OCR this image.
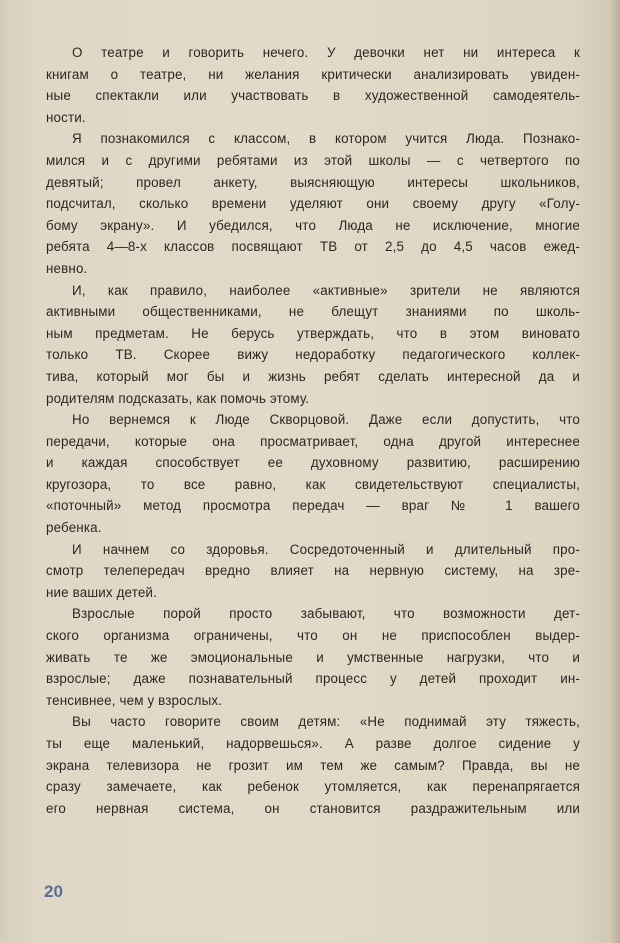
О театре и говорить нечего. У девочки нет ни интереса к
книгам о театре, ни желания критически анализировать увиден-
ные спектакли или участвовать в художественной самодеятель-
ности.

Я познакомился с классом, в котором учится Люда. Познако-
мился и с другими ребятами из этой школы — с четвертого по
девятый; провел анкету, выясняющую интересы школьников,
подсчитал, сколько времени уделяют они своему другу «Голу-
бому экрану». И убедился, что Люда не исключение, многие
ребята 4—8-х классов посвящают ТВ от 2,5 до 4,5 часов ежед-
невно.

И, как правило, наиболее «активные» зрители не являются
активными общественниками, не блещут знаниями по школь-
ным предметам. Не берусь утверждать, что в этом виновато
только ТВ. Скорее вижу недоработку педагогического коллек-
тива, который мог бы и жизнь ребят сделать интересной да и
родителям подсказать, как помочь этому.

Но вернемся к Люде Скворцовой. Даже если допустить, что
передачи, которые она просматривает, одна другой интереснее
и каждая способствует ее духовному развитию, расширению
кругозора, то все равно, как свидетельствуют специалисты,
«поточный» метод просмотра передач — враг № 1 вашего
ребенка.

И начнем со здоровья. Сосредоточенный и длительный про-
смотр телепередач вредно влияет на нервную систему, на зре-
ние ваших детей.

Взрослые порой просто забывают, что возможности дет-
ского организма ограничены, что он не приспособлен выдер-
живать те же эмоциональные и умственные нагрузки, что и
взрослые; даже познавательный процесс у детей проходит ин-
тенсивнее, чем у взрослых.

Вы часто говорите своим детям: «Не поднимай эту тяжесть,
ты еще маленький, надорвешься». А разве долгое сидение у
экрана телевизора не грозит им тем же самым? Правда, вы не
сразу замечаете, как ребенок утомляется, как перенапрягается
его нервная система, он становится раздражительным или

20
